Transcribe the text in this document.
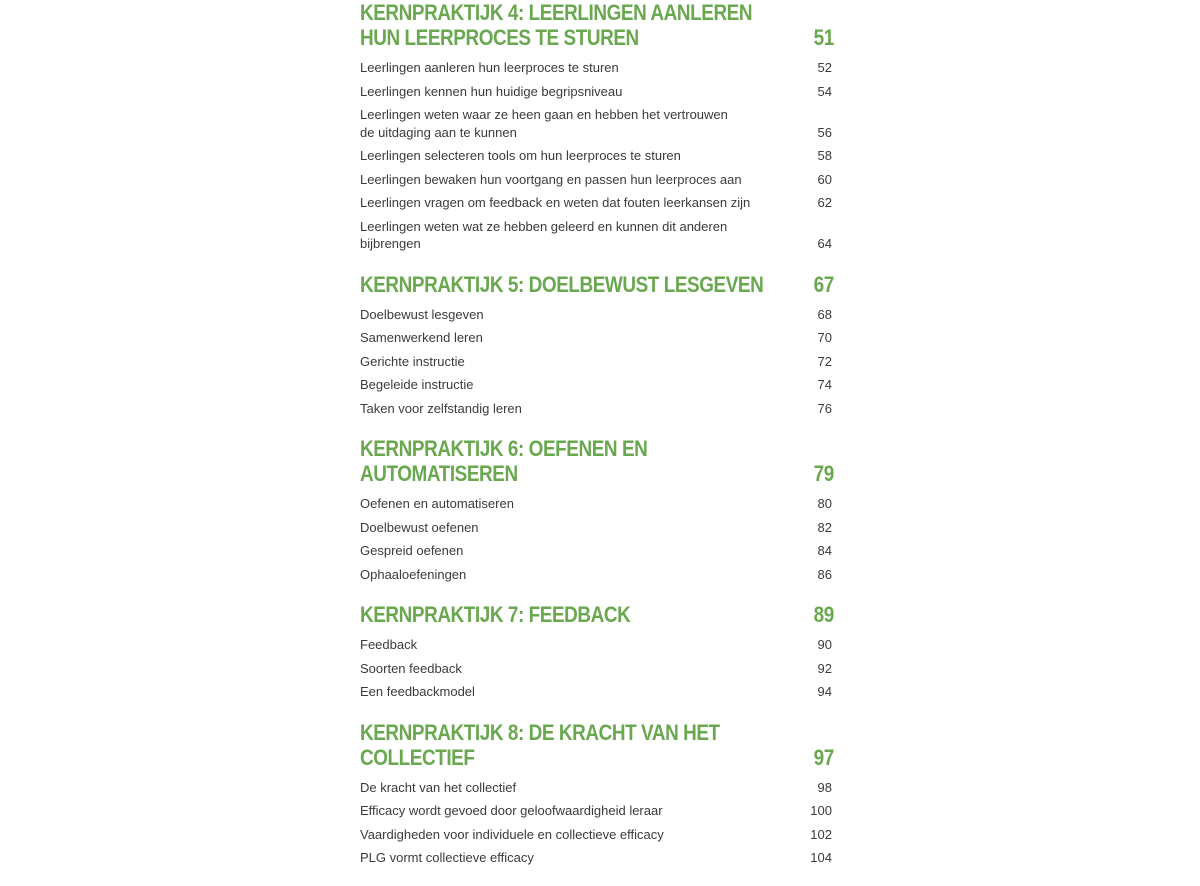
KERNPRAKTIJK 4: LEERLINGEN AANLEREN
HUN LEERPROCES TE STUREN	51
Leerlingen aanleren hun leerproces te sturen	52
Leerlingen kennen hun huidige begripsniveau	54
Leerlingen weten waar ze heen gaan en hebben het vertrouwen
de uitdaging aan te kunnen	56
Leerlingen selecteren tools om hun leerproces te sturen	58
Leerlingen bewaken hun voortgang en passen hun leerproces aan	60
Leerlingen vragen om feedback en weten dat fouten leerkansen zijn	62
Leerlingen weten wat ze hebben geleerd en kunnen dit anderen bijbrengen	64
KERNPRAKTIJK 5: DOELBEWUST LESGEVEN 67
Doelbewust lesgeven	68
Samenwerkend leren	70
Gerichte instructie	72
Begeleide instructie	74
Taken voor zelfstandig leren	76
KERNPRAKTIJK 6: OEFENEN EN AUTOMATISEREN	79
Oefenen en automatiseren	80
Doelbewust oefenen	82
Gespreid oefenen	84
Ophaaloefeningen	86
KERNPRAKTIJK 7: FEEDBACK	89
Feedback	90
Soorten feedback	92
Een feedbackmodel	94
KERNPRAKTIJK 8: DE KRACHT VAN HET COLLECTIEF	97
De kracht van het collectief	98
Efficacy wordt gevoed door geloofwaardigheid leraar	100
Vaardigheden voor individuele en collectieve efficacy	102
PLG vormt collectieve efficacy	104
